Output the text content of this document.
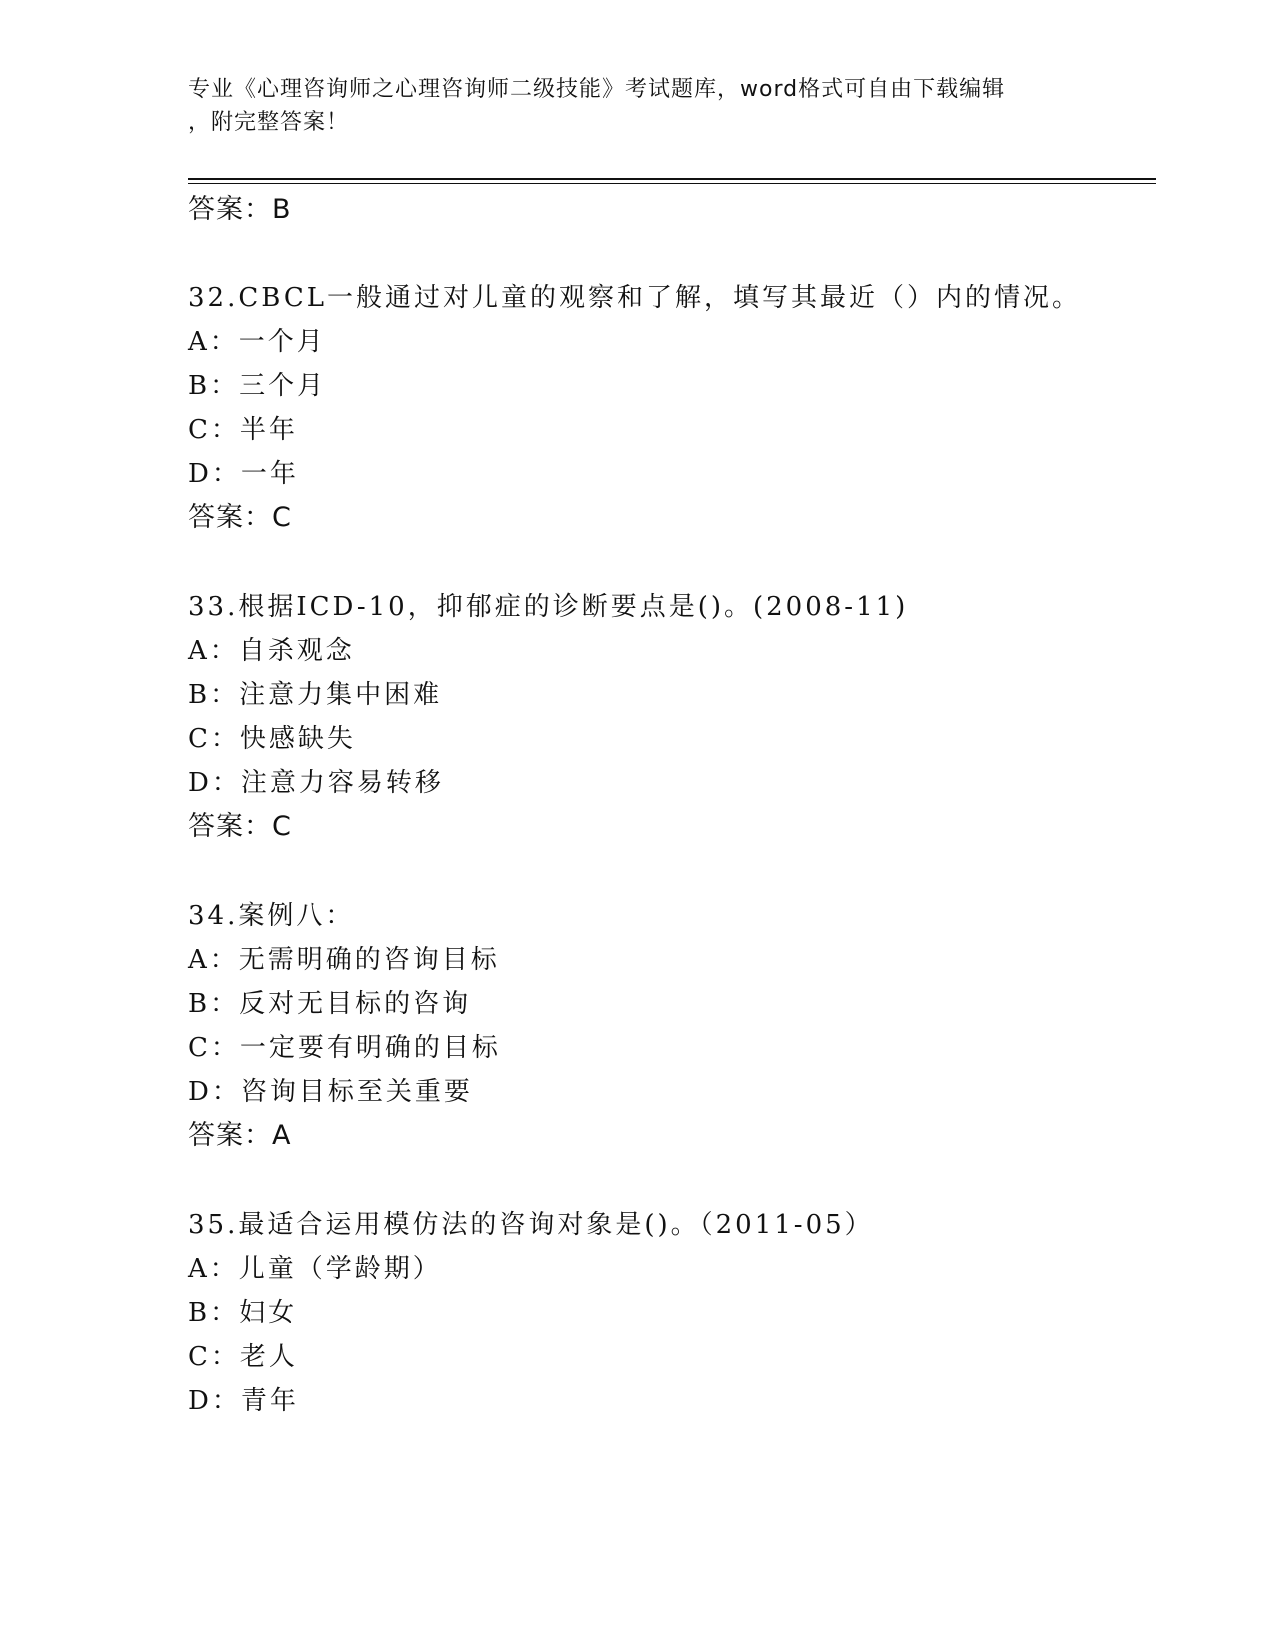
专业《心理咨询师之心理咨询师二级技能》考试题库，word格式可自由下载编辑
，附完整答案！
答案：B
32.CBCL一般通过对儿童的观察和了解，填写其最近（）内的情况。
A：一个月
B：三个月
C：半年
D：一年
答案：C
33.根据ICD-10，抑郁症的诊断要点是()。(2008-11)
A：自杀观念
B：注意力集中困难
C：快感缺失
D：注意力容易转移
答案：C
34.案例八：
A：无需明确的咨询目标
B：反对无目标的咨询
C：一定要有明确的目标
D：咨询目标至关重要
答案：A
35.最适合运用模仿法的咨询对象是()。（2011-05）
A：儿童（学龄期）
B：妇女
C：老人
D：青年
